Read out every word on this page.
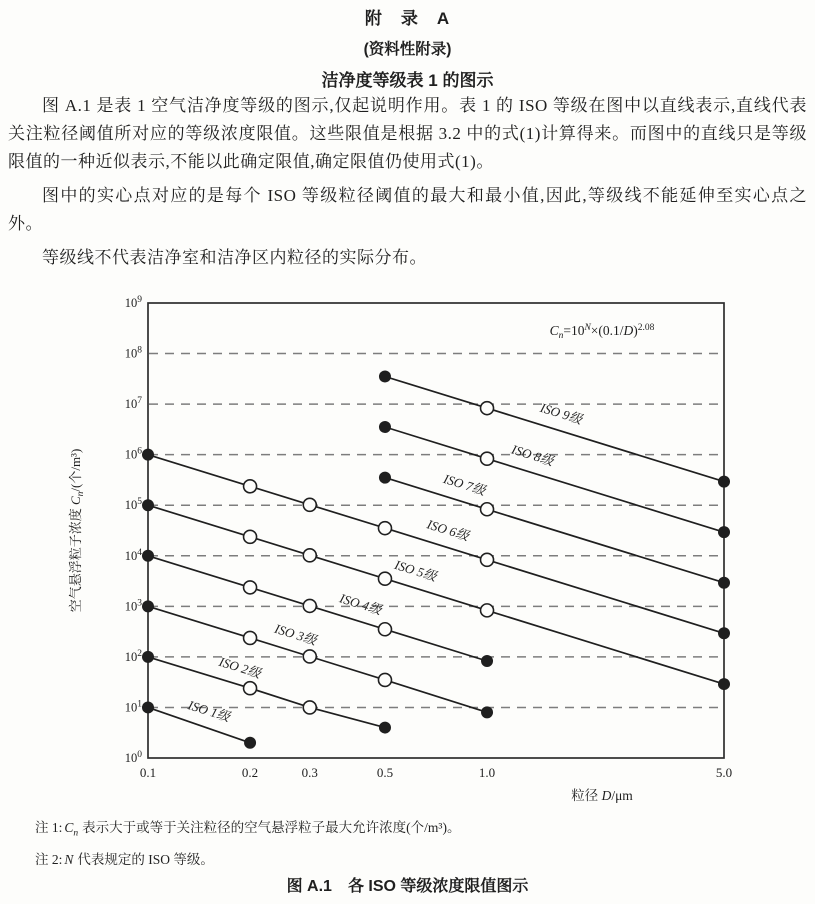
附　录　A
(资料性附录)
洁净度等级表 1 的图示

图 A.1 是表 1 空气洁净度等级的图示,仅起说明作用。表 1 的 ISO 等级在图中以直线表示,直线代表关注粒径阈值所对应的等级浓度限值。这些限值是根据 3.2 中的式(1)计算得来。而图中的直线只是等级限值的一种近似表示,不能以此确定限值,确定限值仍使用式(1)。

图中的实心点对应的是每个 ISO 等级粒径阈值的最大和最小值,因此,等级线不能延伸至实心点之外。

等级线不代表洁净室和洁净区内粒径的实际分布。

ISO 1级
ISO 2级
ISO 3级
ISO 4级
ISO 5级
ISO 6级
ISO 7级
ISO 8级
ISO 9级
$10^0$
$10^1$
$10^2$
$10^3$
$10^4$
$10^5$
$10^6$
$10^7$
$10^8$
$10^9$
0.1	0.2	0.3	0.5	1.0	5.0
粒径 D/μm
空气悬浮粒子浓度 $C_n/$(个/m³)
$C_n=10^N\times(0.1/D)^{2.08}$
注 1: $C_n$ 表示大于或等于关注粒径的空气悬浮粒子最大允许浓度(个/m³)。
注 2: N 代表规定的 ISO 等级。
图 A.1　各 ISO 等级浓度限值图示
